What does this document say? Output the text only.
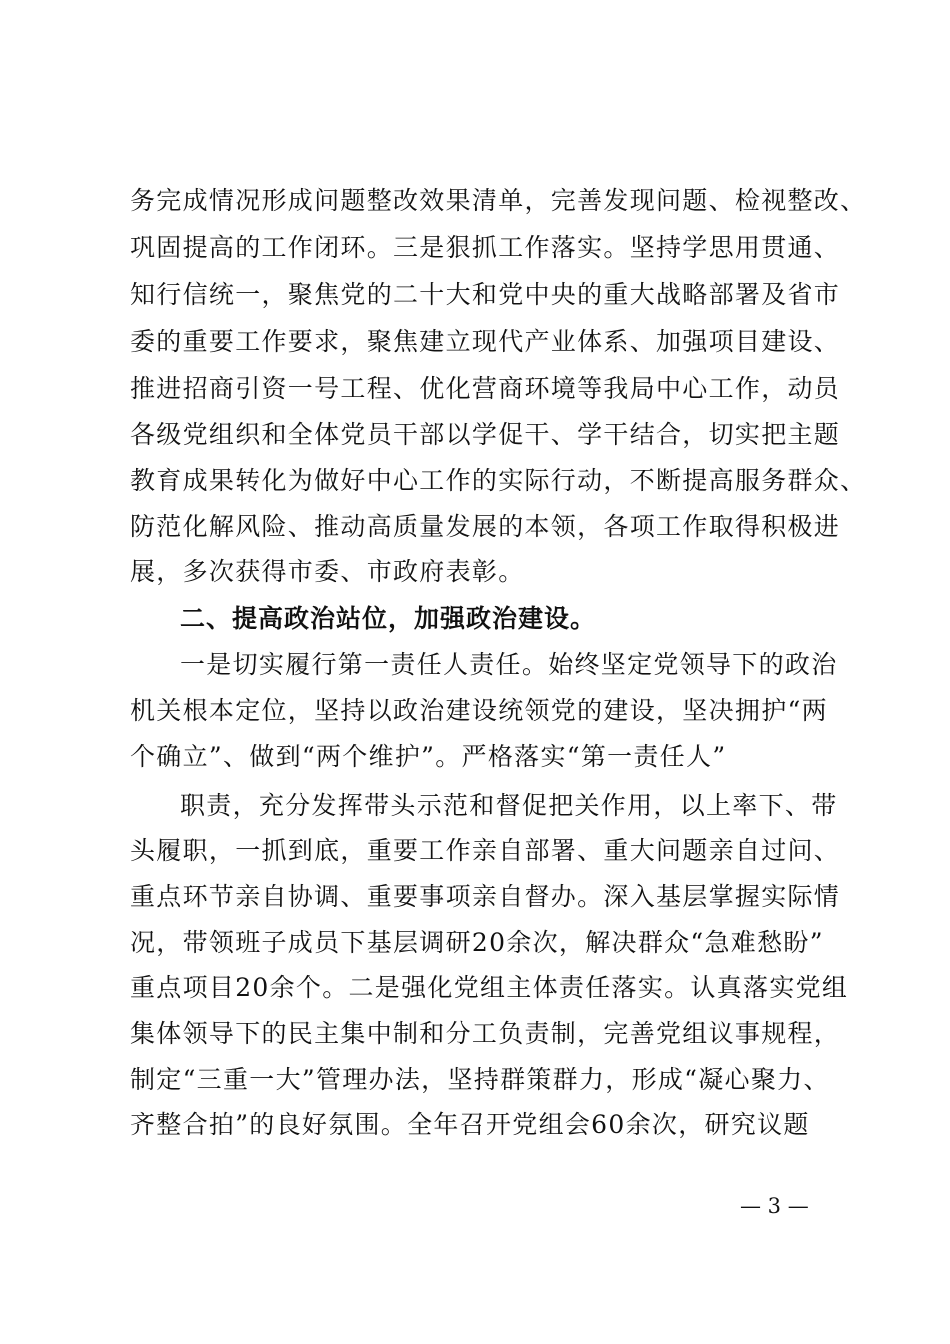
务完成情况形成问题整改效果清单，完善发现问题、检视整改、
巩固提高的工作闭环。三是狠抓工作落实。坚持学思用贯通、
知行信统一，聚焦党的二十大和党中央的重大战略部署及省市
委的重要工作要求，聚焦建立现代产业体系、加强项目建设、
推进招商引资一号工程、优化营商环境等我局中心工作，动员
各级党组织和全体党员干部以学促干、学干结合，切实把主题
教育成果转化为做好中心工作的实际行动，不断提高服务群众、
防范化解风险、推动高质量发展的本领，各项工作取得积极进
展，多次获得市委、市政府表彰。
二、提高政治站位，加强政治建设。
一是切实履行第一责任人责任。始终坚定党领导下的政治
机关根本定位，坚持以政治建设统领党的建设，坚决拥护“两
个确立”、做到“两个维护”。严格落实“第一责任人”
职责，充分发挥带头示范和督促把关作用，以上率下、带
头履职，一抓到底，重要工作亲自部署、重大问题亲自过问、
重点环节亲自协调、重要事项亲自督办。深入基层掌握实际情
况，带领班子成员下基层调研20余次，解决群众“急难愁盼”
重点项目20余个。二是强化党组主体责任落实。认真落实党组
集体领导下的民主集中制和分工负责制，完善党组议事规程，
制定“三重一大”管理办法，坚持群策群力，形成“凝心聚力、
齐整合拍”的良好氛围。全年召开党组会60余次，研究议题
— 3 —
